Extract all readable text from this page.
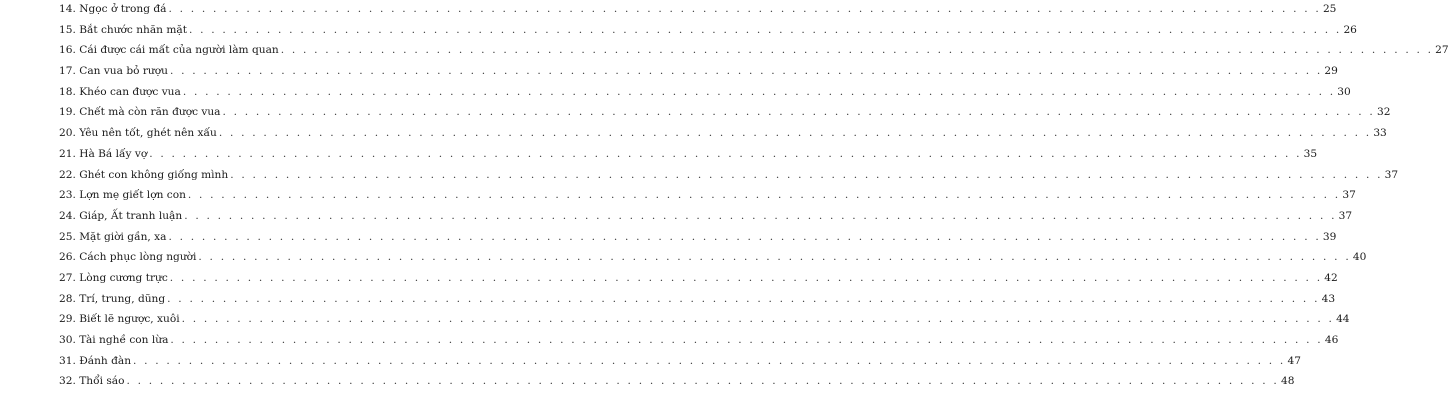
14. Ngọc ở trong đá . . . . . . . . . . . . . . . . . . . . . . . . . . . . . . . . . . . . . . . . . . . . . . . . . . . . . . . . . . . . . . . . . . . . . . . . . . . . . . . . . . . . . . . . . . . . . . . . . . . . . . . . 25
15. Bắt chước nhăn mặt . . . . . . . . . . . . . . . . . . . . . . . . . . . . . . . . . . . . . . . . . . . . . . . . . . . . . . . . . . . . . . . . . . . . . . . . . . . . . . . . . . . . . . . . . . . . . . . . . . . . . . . . 26
16. Cái được cái mất của người làm quan . . . . . . . . . . . . . . . . . . . . . . . . . . . . . . . . . . . . . . . . . . . . . . . . . . . . . . . . . . . . . . . . . . . . . . . . . . . . . . . . . . . . . . . . . . . . . . . . . . . . . . . . 27
17. Can vua bỏ rượu . . . . . . . . . . . . . . . . . . . . . . . . . . . . . . . . . . . . . . . . . . . . . . . . . . . . . . . . . . . . . . . . . . . . . . . . . . . . . . . . . . . . . . . . . . . . . . . . . . . . . . . . 29
18. Khéo can được vua . . . . . . . . . . . . . . . . . . . . . . . . . . . . . . . . . . . . . . . . . . . . . . . . . . . . . . . . . . . . . . . . . . . . . . . . . . . . . . . . . . . . . . . . . . . . . . . . . . . . . . . . 30
19. Chết mà còn răn được vua . . . . . . . . . . . . . . . . . . . . . . . . . . . . . . . . . . . . . . . . . . . . . . . . . . . . . . . . . . . . . . . . . . . . . . . . . . . . . . . . . . . . . . . . . . . . . . . . . . . . . . . . 32
20. Yêu nên tốt, ghét nên xấu . . . . . . . . . . . . . . . . . . . . . . . . . . . . . . . . . . . . . . . . . . . . . . . . . . . . . . . . . . . . . . . . . . . . . . . . . . . . . . . . . . . . . . . . . . . . . . . . . . . . . . . . 33
21. Hà Bá lấy vợ . . . . . . . . . . . . . . . . . . . . . . . . . . . . . . . . . . . . . . . . . . . . . . . . . . . . . . . . . . . . . . . . . . . . . . . . . . . . . . . . . . . . . . . . . . . . . . . . . . . . . . . . 35
22. Ghét con không giống mình . . . . . . . . . . . . . . . . . . . . . . . . . . . . . . . . . . . . . . . . . . . . . . . . . . . . . . . . . . . . . . . . . . . . . . . . . . . . . . . . . . . . . . . . . . . . . . . . . . . . . . . . 37
23. Lợn mẹ giết lợn con . . . . . . . . . . . . . . . . . . . . . . . . . . . . . . . . . . . . . . . . . . . . . . . . . . . . . . . . . . . . . . . . . . . . . . . . . . . . . . . . . . . . . . . . . . . . . . . . . . . . . . . . 37
24. Giáp, Ất tranh luận . . . . . . . . . . . . . . . . . . . . . . . . . . . . . . . . . . . . . . . . . . . . . . . . . . . . . . . . . . . . . . . . . . . . . . . . . . . . . . . . . . . . . . . . . . . . . . . . . . . . . . . . 37
25. Mặt giời gần, xa . . . . . . . . . . . . . . . . . . . . . . . . . . . . . . . . . . . . . . . . . . . . . . . . . . . . . . . . . . . . . . . . . . . . . . . . . . . . . . . . . . . . . . . . . . . . . . . . . . . . . . . . 39
26. Cách phục lòng người . . . . . . . . . . . . . . . . . . . . . . . . . . . . . . . . . . . . . . . . . . . . . . . . . . . . . . . . . . . . . . . . . . . . . . . . . . . . . . . . . . . . . . . . . . . . . . . . . . . . . . . . 40
27. Lòng cương trực . . . . . . . . . . . . . . . . . . . . . . . . . . . . . . . . . . . . . . . . . . . . . . . . . . . . . . . . . . . . . . . . . . . . . . . . . . . . . . . . . . . . . . . . . . . . . . . . . . . . . . . . 42
28. Trí, trung, dũng . . . . . . . . . . . . . . . . . . . . . . . . . . . . . . . . . . . . . . . . . . . . . . . . . . . . . . . . . . . . . . . . . . . . . . . . . . . . . . . . . . . . . . . . . . . . . . . . . . . . . . . . 43
29. Biết lẽ ngược, xuôi . . . . . . . . . . . . . . . . . . . . . . . . . . . . . . . . . . . . . . . . . . . . . . . . . . . . . . . . . . . . . . . . . . . . . . . . . . . . . . . . . . . . . . . . . . . . . . . . . . . . . . . . 44
30. Tài nghề con lừa . . . . . . . . . . . . . . . . . . . . . . . . . . . . . . . . . . . . . . . . . . . . . . . . . . . . . . . . . . . . . . . . . . . . . . . . . . . . . . . . . . . . . . . . . . . . . . . . . . . . . . . . 46
31. Đánh đàn . . . . . . . . . . . . . . . . . . . . . . . . . . . . . . . . . . . . . . . . . . . . . . . . . . . . . . . . . . . . . . . . . . . . . . . . . . . . . . . . . . . . . . . . . . . . . . . . . . . . . . . . 47
32. Thổi sáo . . . . . . . . . . . . . . . . . . . . . . . . . . . . . . . . . . . . . . . . . . . . . . . . . . . . . . . . . . . . . . . . . . . . . . . . . . . . . . . . . . . . . . . . . . . . . . . . . . . . . . . . 48
